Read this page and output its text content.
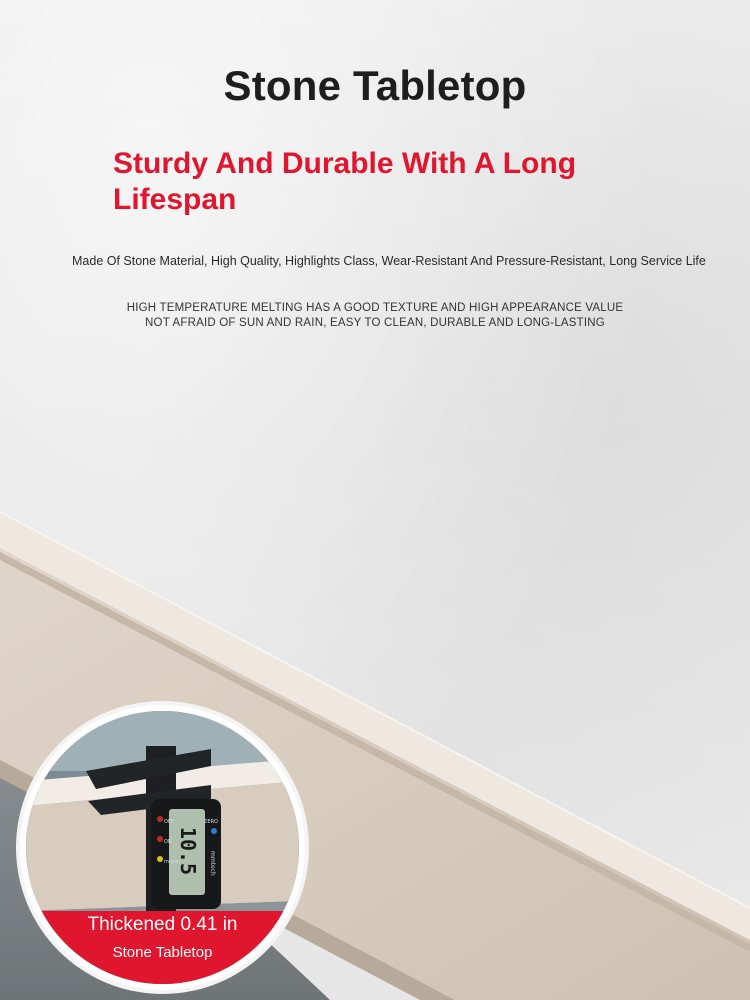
Stone Tabletop
Sturdy And Durable With A Long
Lifespan
Made Of Stone Material, High Quality, Highlights Class, Wear-Resistant And Pressure-Resistant, Long Service Life
HIGH TEMPERATURE MELTING HAS A GOOD TEXTURE AND HIGH APPEARANCE VALUE
NOT AFRAID OF SUN AND RAIN, EASY TO CLEAN, DURABLE AND LONG-LASTING
10.5 mmtech
OFF
ON
mm/in
ZERO
Thickened 0.41 in
Stone Tabletop
